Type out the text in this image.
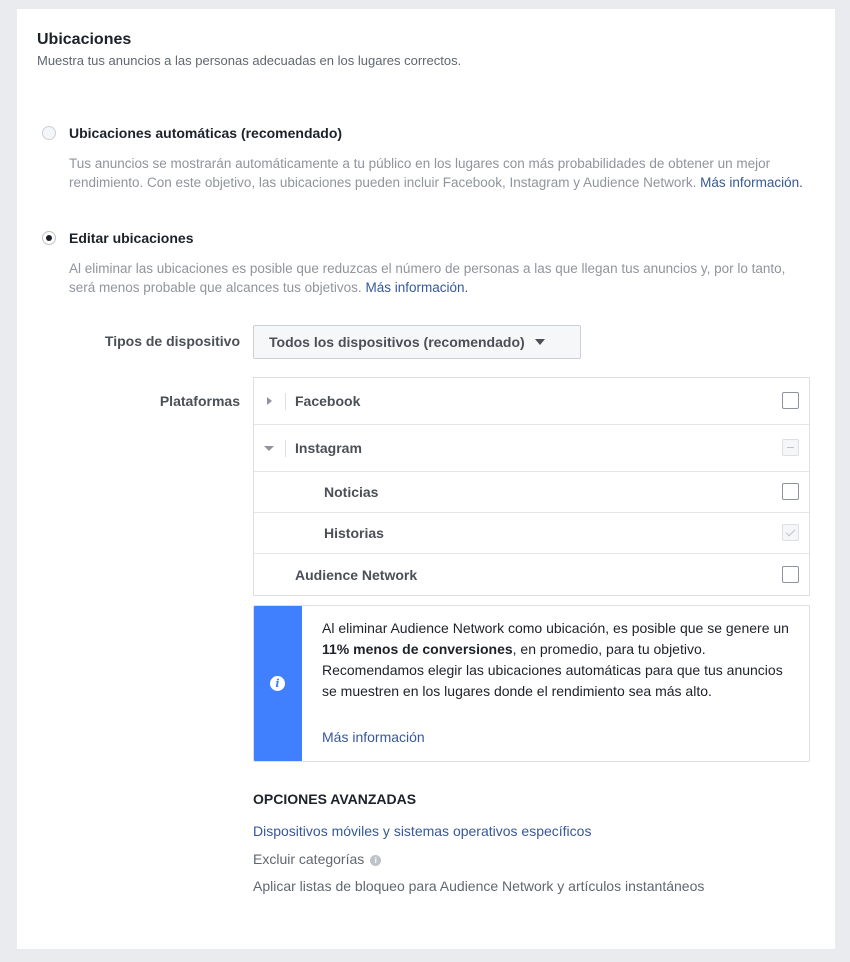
Ubicaciones
Muestra tus anuncios a las personas adecuadas en los lugares correctos.
Ubicaciones automáticas (recomendado)
Tus anuncios se mostrarán automáticamente a tu público en los lugares con más probabilidades de obtener un mejor rendimiento. Con este objetivo, las ubicaciones pueden incluir Facebook, Instagram y Audience Network. Más información.
Editar ubicaciones
Al eliminar las ubicaciones es posible que reduzcas el número de personas a las que llegan tus anuncios y, por lo tanto, será menos probable que alcances tus objetivos. Más información.
Tipos de dispositivo Todos los dispositivos (recomendado)
Plataformas	Facebook
Instagram
Noticias
Historias
Audience Network
i
Al eliminar Audience Network como ubicación, es posible que se genere un 11% menos de conversiones, en promedio, para tu objetivo. Recomendamos elegir las ubicaciones automáticas para que tus anuncios se muestren en los lugares donde el rendimiento sea más alto.
Más información
OPCIONES AVANZADAS
Dispositivos móviles y sistemas operativos específicos
Excluir categorías i
Aplicar listas de bloqueo para Audience Network y artículos instantáneos
